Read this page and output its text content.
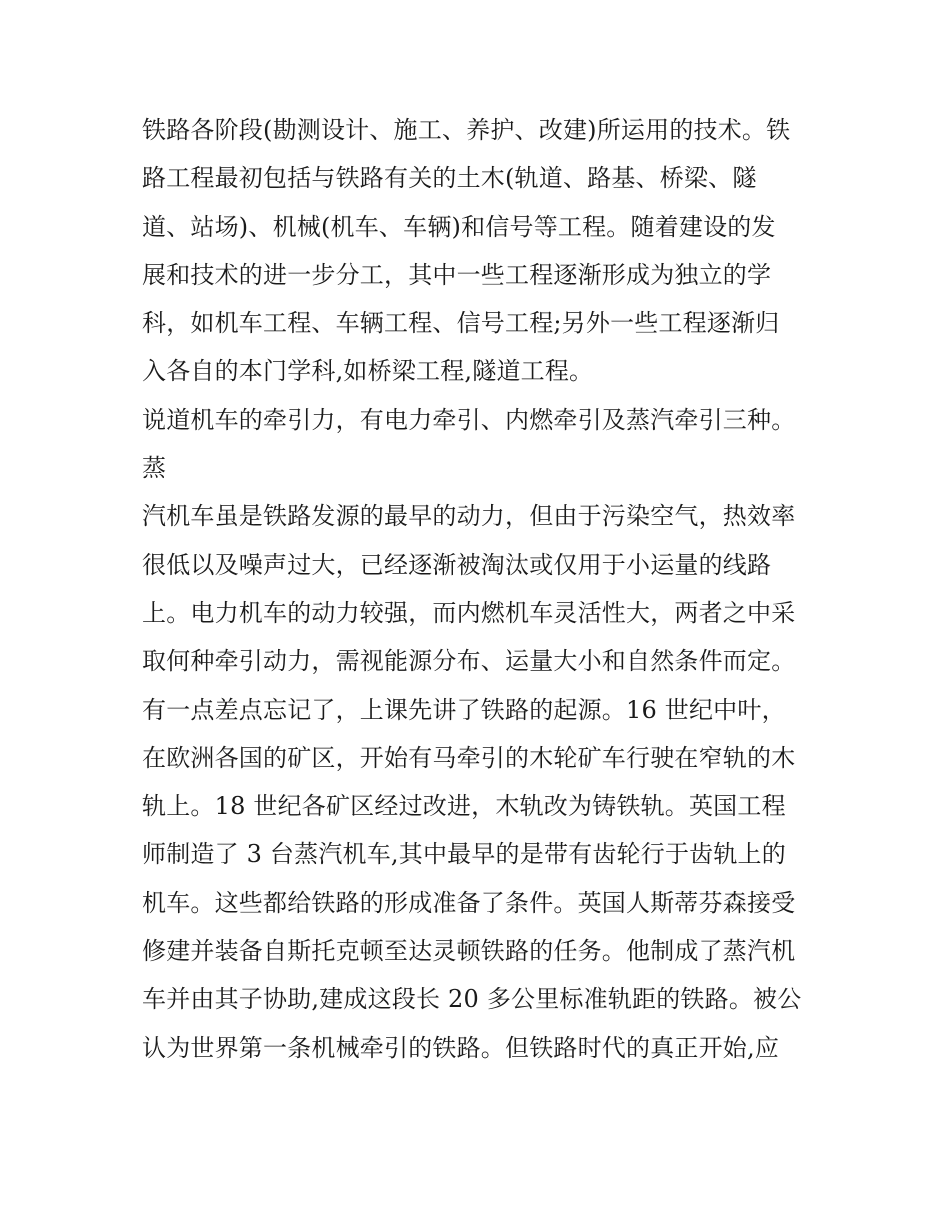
铁路各阶段(勘测设计、施工、养护、改建)所运用的技术。铁
路工程最初包括与铁路有关的土木(轨道、路基、桥梁、隧
道、站场)、机械(机车、车辆)和信号等工程。随着建设的发
展和技术的进一步分工，其中一些工程逐渐形成为独立的学
科，如机车工程、车辆工程、信号工程;另外一些工程逐渐归
入各自的本门学科,如桥梁工程,隧道工程。
说道机车的牵引力，有电力牵引、内燃牵引及蒸汽牵引三种。
蒸
汽机车虽是铁路发源的最早的动力，但由于污染空气，热效率
很低以及噪声过大，已经逐渐被淘汰或仅用于小运量的线路
上。电力机车的动力较强，而内燃机车灵活性大，两者之中采
取何种牵引动力，需视能源分布、运量大小和自然条件而定。
有一点差点忘记了，上课先讲了铁路的起源。16 世纪中叶，
在欧洲各国的矿区，开始有马牵引的木轮矿车行驶在窄轨的木
轨上。18 世纪各矿区经过改进，木轨改为铸铁轨。英国工程
师制造了 3 台蒸汽机车,其中最早的是带有齿轮行于齿轨上的
机车。这些都给铁路的形成准备了条件。英国人斯蒂芬森接受
修建并装备自斯托克顿至达灵顿铁路的任务。他制成了蒸汽机
车并由其子协助,建成这段长 20 多公里标准轨距的铁路。被公
认为世界第一条机械牵引的铁路。但铁路时代的真正开始,应
